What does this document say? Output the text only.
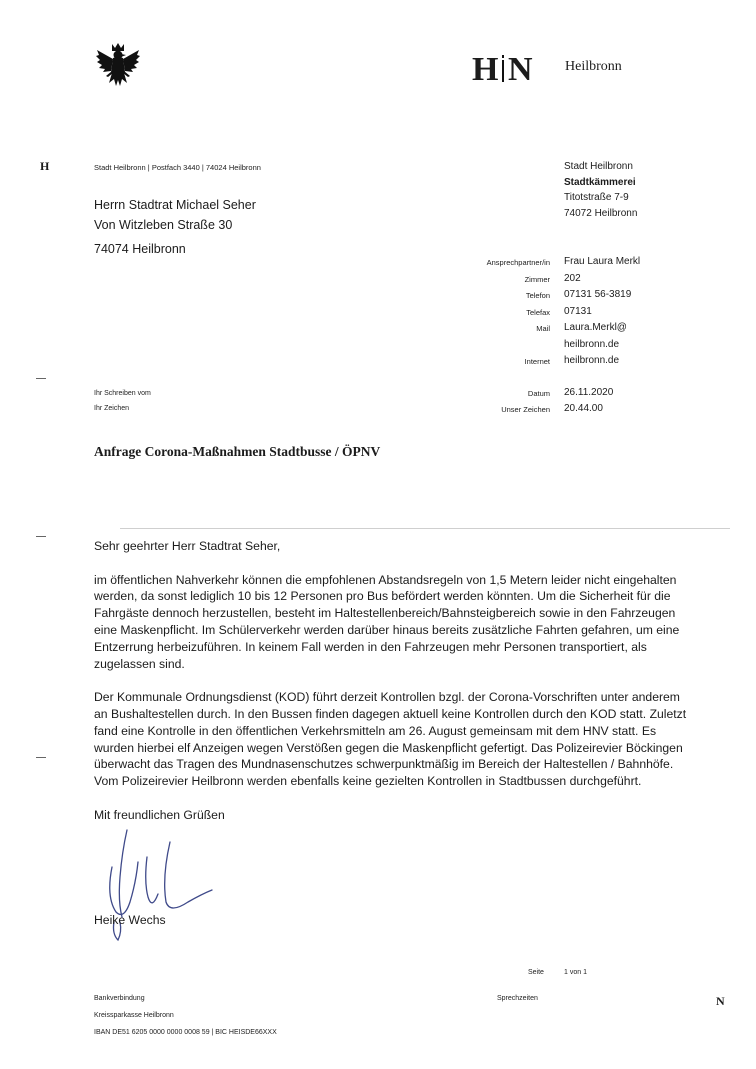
H N Heilbronn
H
N
Stadt Heilbronn | Postfach 3440 | 74024 Heilbronn
Herrn Stadtrat Michael Seher
Von Witzleben Straße 30
74074 Heilbronn
Stadt Heilbronn
Stadtkämmerei
Titotstraße 7-9
74072 Heilbronn
Ansprechpartner/in
Zimmer
Telefon
Telefax
Mail

Internet
Frau Laura Merkl
202
07131 56-3819
07131
Laura.Merkl@
heilbronn.de
heilbronn.de
Ihr Schreiben vom
Ihr Zeichen
Datum
Unser Zeichen
26.11.2020
20.44.00
Anfrage Corona-Maßnahmen Stadtbusse / ÖPNV

Sehr geehrter Herr Stadtrat Seher,

im öffentlichen Nahverkehr können die empfohlenen Abstandsregeln von 1,5 Metern leider nicht eingehalten werden, da sonst lediglich 10 bis 12 Personen pro Bus befördert werden könnten. Um die Sicherheit für die Fahrgäste dennoch herzustellen, besteht im Haltestellenbereich/Bahnsteigbereich sowie in den Fahrzeugen eine Maskenpflicht. Im Schülerverkehr werden darüber hinaus bereits zusätzliche Fahrten gefahren, um eine Entzerrung herbeizuführen. In keinem Fall werden in den Fahrzeugen mehr Personen transportiert, als zugelassen sind.

Der Kommunale Ordnungsdienst (KOD) führt derzeit Kontrollen bzgl. der Corona-Vorschriften unter anderem an Bushaltestellen durch. In den Bussen finden dagegen aktuell keine Kontrollen durch den KOD statt. Zuletzt fand eine Kontrolle in den öffentlichen Verkehrsmitteln am 26. August gemeinsam mit dem HNV statt. Es wurden hierbei elf Anzeigen wegen Verstößen gegen die Maskenpflicht gefertigt. Das Polizeirevier Böckingen überwacht das Tragen des Mundnasenschutzes schwerpunktmäßig im Bereich der Haltestellen / Bahnhöfe. Vom Polizeirevier Heilbronn werden ebenfalls keine gezielten Kontrollen in Stadtbussen durchgeführt.

Mit freundlichen Grüßen

Heike Wechs
Seite	1 von 1
Bankverbindung
Kreissparkasse Heilbronn
IBAN DE51 6205 0000 0000 0008 59 | BIC HEISDE66XXX
Sprechzeiten
